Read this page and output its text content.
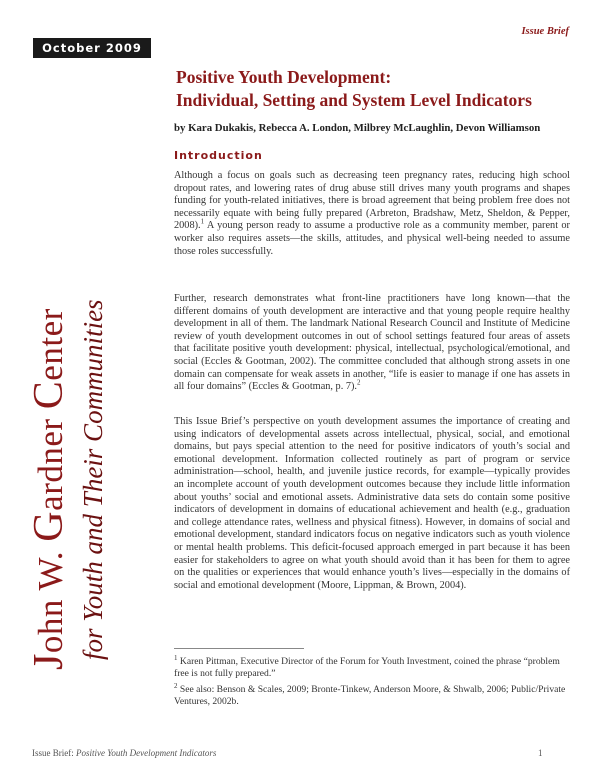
October 2009
Issue Brief
John W. Gardner Center for Youth and Their Communities
Positive Youth Development:
Individual, Setting and System Level Indicators
by Kara Dukakis, Rebecca A. London, Milbrey McLaughlin, Devon Williamson
Introduction

Although a focus on goals such as decreasing teen pregnancy rates, reducing high school dropout rates, and lowering rates of drug abuse still drives many youth programs and shapes funding for youth-related initiatives, there is broad agreement that being problem free does not necessarily equate with being fully prepared (Arbreton, Bradshaw, Metz, Sheldon, & Pepper, 2008).$^1$ A young person ready to assume a productive role as a community member, parent or worker also requires assets—the skills, attitudes, and physical well-being needed to assume those roles successfully.

Further, research demonstrates what front-line practitioners have long known—that the different domains of youth development are interactive and that young people require healthy development in all of them. The landmark National Research Council and Institute of Medicine review of youth development outcomes in out of school settings featured four areas of assets that facilitate positive youth development: physical, intellectual, psychological/emotional, and social (Eccles & Gootman, 2002). The committee concluded that although strong assets in one domain can compensate for weak assets in another, “life is easier to manage if one has assets in all four domains” (Eccles & Gootman, p. 7).$^2$

This Issue Brief’s perspective on youth development assumes the importance of creating and using indicators of developmental assets across intellectual, physical, social, and emotional domains, but pays special attention to the need for positive indicators of youth’s social and emotional development. Information collected routinely as part of program or service administration—school, health, and juvenile justice records, for example—typically provides an incomplete account of youth development outcomes because they include little information about youths’ social and emotional assets. Administrative data sets do contain some positive indicators of development in domains of educational achievement and health (e.g., graduation and college attendance rates, wellness and physical fitness). However, in domains of social and emotional development, standard indicators focus on negative indicators such as youth violence or mental health problems. This deficit-focused approach emerged in part because it has been easier for stakeholders to agree on what youth should avoid than it has been for them to agree on the qualities or experiences that would enhance youth’s lives—especially in the domains of social and emotional development (Moore, Lippman, & Brown, 2004).

$^1$ Karen Pittman, Executive Director of the Forum for Youth Investment, coined the phrase “problem free is not fully prepared.”

$^2$ See also: Benson & Scales, 2009; Bronte-Tinkew, Anderson Moore, & Shwalb, 2006; Public/Private Ventures, 2002b.

Issue Brief: Positive Youth Development Indicators	1
